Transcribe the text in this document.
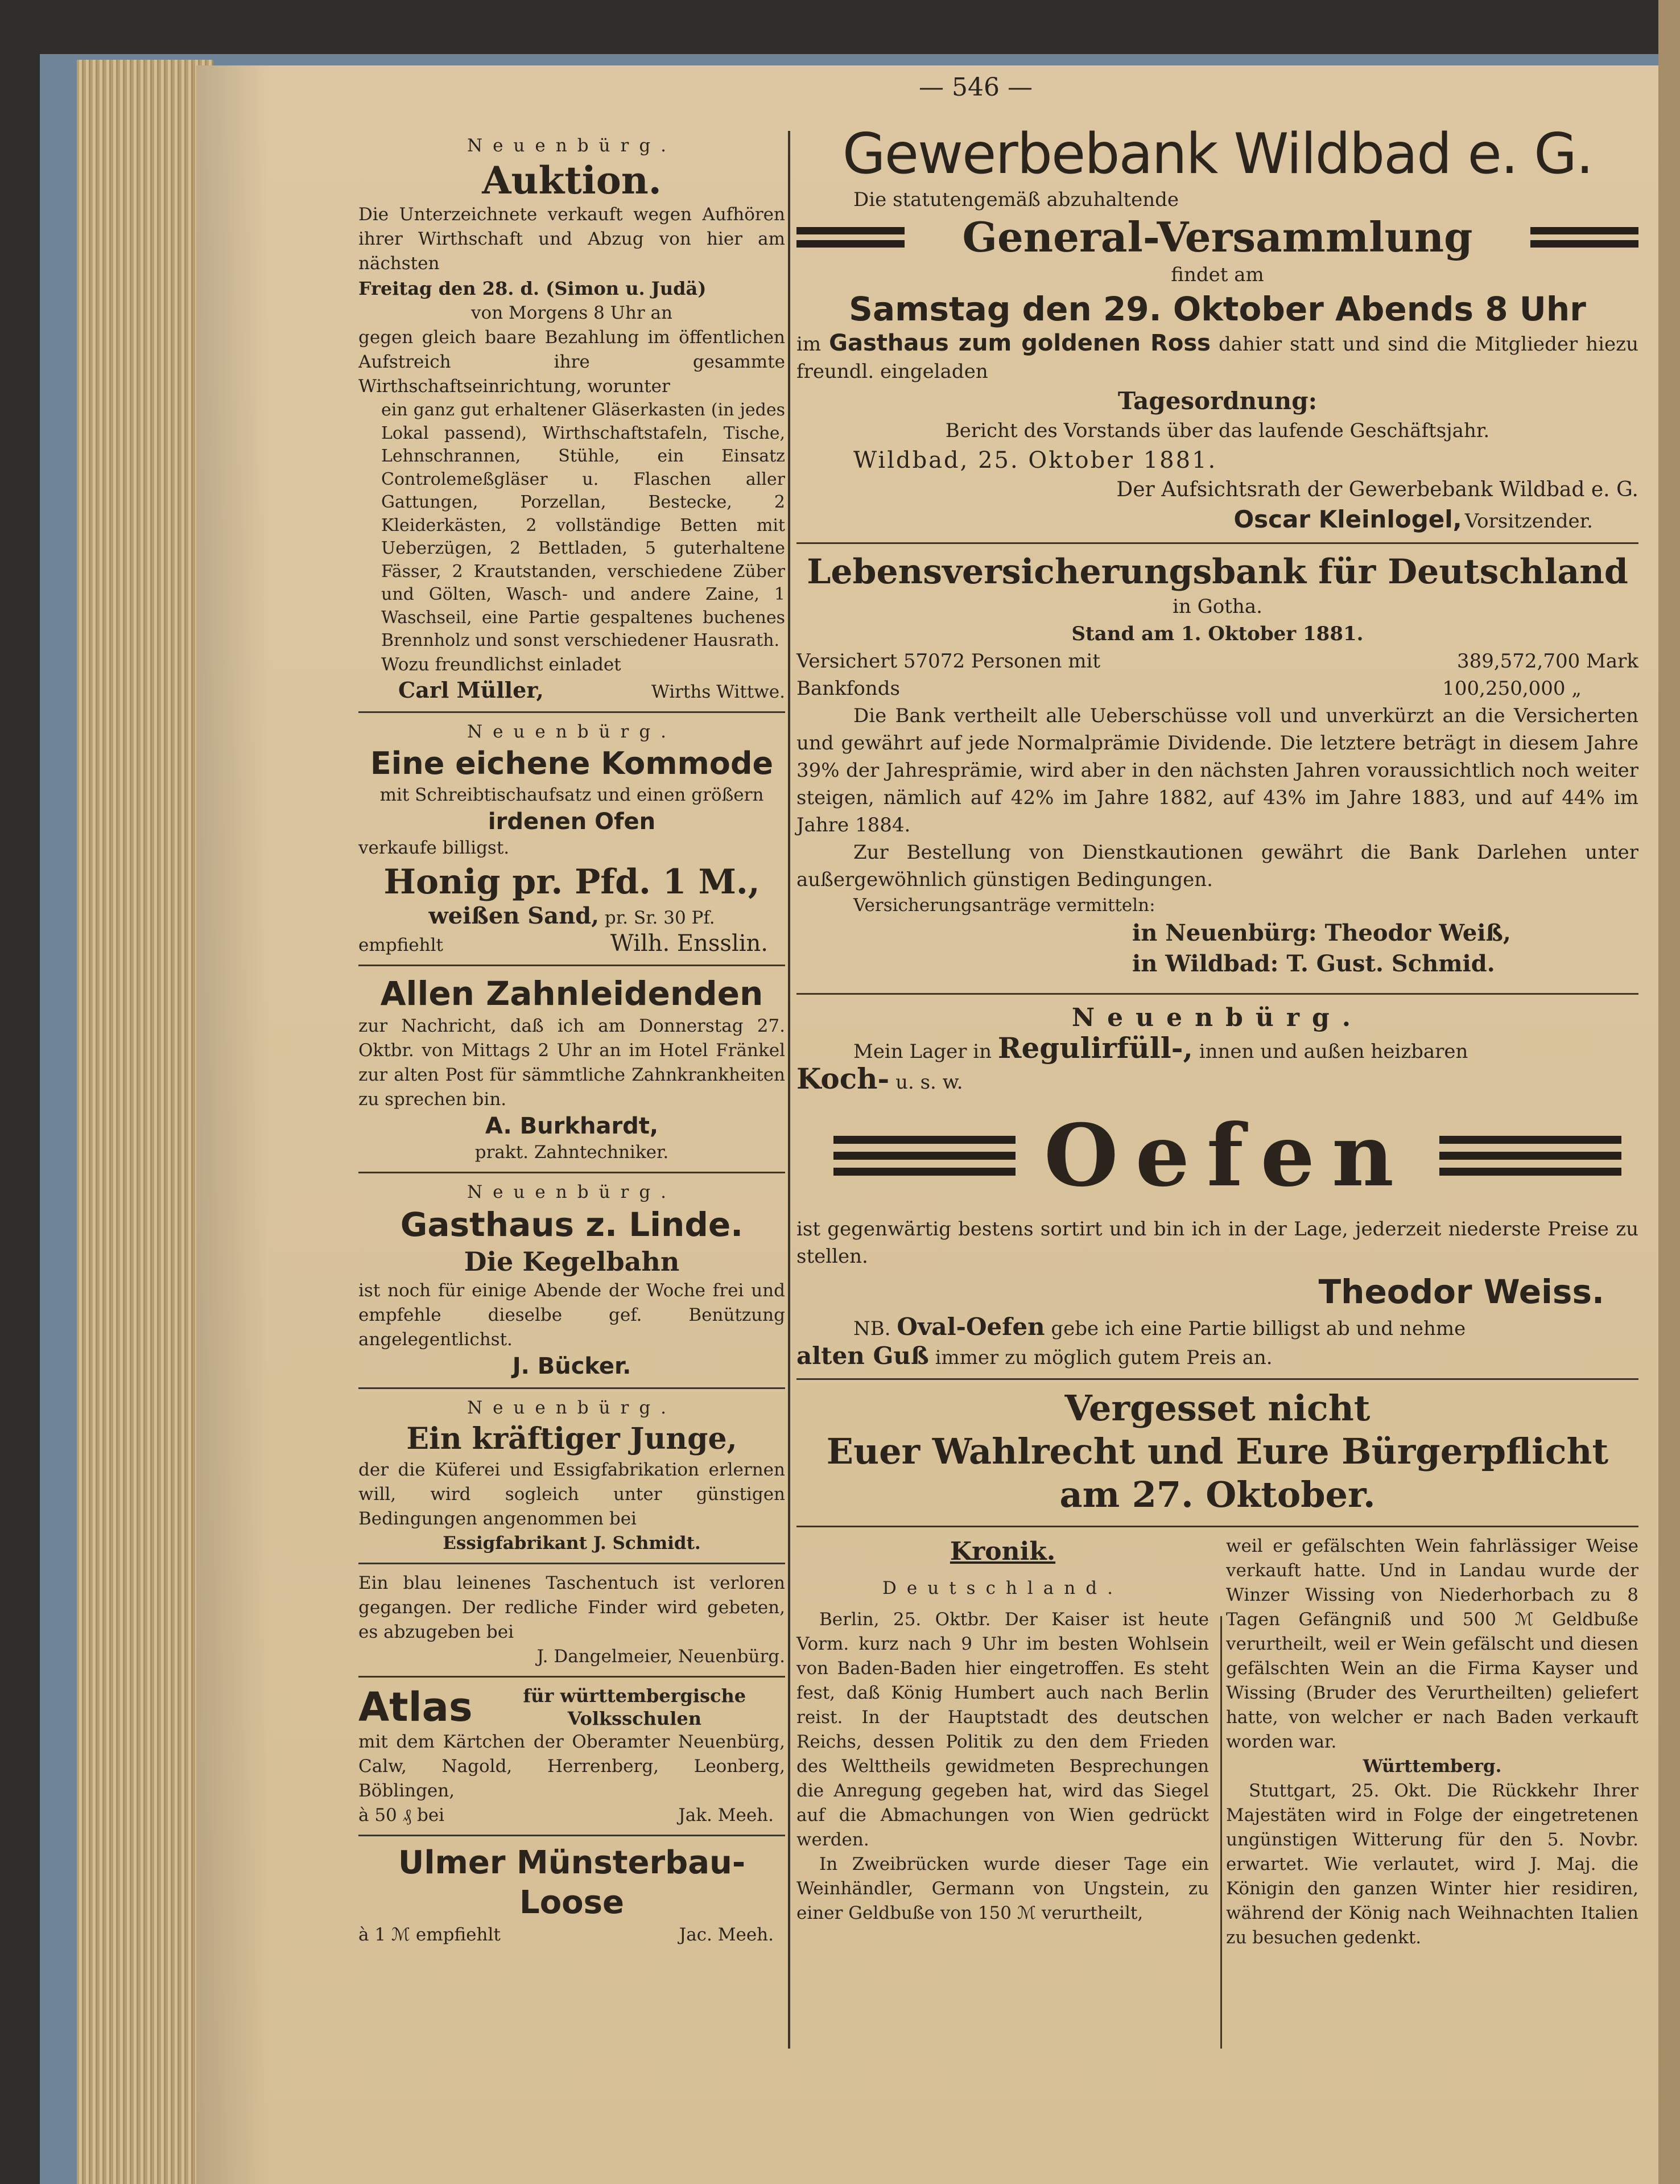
— 546 —
Neuenbürg.
Auktion.
Die Unterzeichnete verkauft wegen Aufhören ihrer Wirthschaft und Abzug von hier am nächsten
Freitag den 28. d. (Simon u. Judä)
von Morgens 8 Uhr an
gegen gleich baare Bezahlung im öffentlichen Aufstreich ihre gesammte Wirthschaftseinrichtung, worunter
ein ganz gut erhaltener Gläserkasten (in jedes Lokal passend), Wirthschaftstafeln, Tische, Lehnschrannen, Stühle, ein Einsatz Controlemeßgläser u. Flaschen aller Gattungen, Porzellan, Bestecke, 2 Kleiderkästen, 2 vollständige Betten mit Ueberzügen, 2 Bettladen, 5 guterhaltene Fässer, 2 Krautstanden, verschiedene Züber und Gölten, Wasch- und andere Zaine, 1 Waschseil, eine Partie gespaltenes buchenes Brennholz und sonst verschiedener Hausrath.
Wozu freundlichst einladet
Carl Müller,	Wirths Wittwe.
Neuenbürg.
Eine eichene Kommode
mit Schreibtischaufsatz und einen größern
irdenen Ofen
verkaufe billigst.
Honig pr. Pfd. 1 M.,
weißen Sand, pr. Sr. 30 Pf.
empfiehlt	Wilh. Ensslin.
Allen Zahnleidenden
zur Nachricht, daß ich am Donnerstag 27. Oktbr. von Mittags 2 Uhr an im Hotel Fränkel zur alten Post für sämmtliche Zahnkrankheiten zu sprechen bin.
A. Burkhardt,
prakt. Zahntechniker.
Neuenbürg.
Gasthaus z. Linde.
Die Kegelbahn
ist noch für einige Abende der Woche frei und empfehle dieselbe gef. Benützung angelegentlichst.
J. Bücker.
Neuenbürg.
Ein kräftiger Junge,
der die Küferei und Essigfabrikation erlernen will, wird sogleich unter günstigen Bedingungen angenommen bei
Essigfabrikant J. Schmidt.
Ein blau leinenes Taschentuch ist verloren gegangen. Der redliche Finder wird gebeten, es abzugeben bei
J. Dangelmeier, Neuenbürg.
Atlas	für württembergische Volksschulen
mit dem Kärtchen der Oberamter Neuenbürg, Calw, Nagold, Herrenberg, Leonberg, Böblingen,
à 50 ₰ bei	Jak. Meeh.
Ulmer Münsterbau-Loose
à 1 ℳ empfiehlt	Jac. Meeh.
Gewerbebank Wildbad e. G.
Die statutengemäß abzuhaltende
General-Versammlung
findet am
Samstag den 29. Oktober Abends 8 Uhr
im Gasthaus zum goldenen Ross dahier statt und sind die Mitglieder hiezu freundl. eingeladen
Tagesordnung:
Bericht des Vorstands über das laufende Geschäftsjahr.
Wildbad, 25. Oktober 1881.
Der Aufsichtsrath der Gewerbebank Wildbad e. G.
Oscar Kleinlogel, Vorsitzender.
Lebensversicherungsbank für Deutschland
in Gotha.
Stand am 1. Oktober 1881.
Versichert 57072 Personen mit	389,572,700 Mark
Bankfonds	100,250,000 „
Die Bank vertheilt alle Ueberschüsse voll und unverkürzt an die Versicherten und gewährt auf jede Normalprämie Dividende. Die letztere beträgt in diesem Jahre 39% der Jahresprämie, wird aber in den nächsten Jahren voraussichtlich noch weiter steigen, nämlich auf 42% im Jahre 1882, auf 43% im Jahre 1883, und auf 44% im Jahre 1884.
Zur Bestellung von Dienstkautionen gewährt die Bank Darlehen unter außergewöhnlich günstigen Bedingungen.
Versicherungsanträge vermitteln:
in Neuenbürg: Theodor Weiß,
in Wildbad: T. Gust. Schmid.
Neuenbürg.
Mein Lager in Regulirfüll-, innen und außen heizbaren
Koch- u. s. w.
Oefen
ist gegenwärtig bestens sortirt und bin ich in der Lage, jederzeit niederste Preise zu stellen.
Theodor Weiss.
NB. Oval-Oefen gebe ich eine Partie billigst ab und nehme
alten Guß immer zu möglich gutem Preis an.
Vergesset nicht
Euer Wahlrecht und Eure Bürgerpflicht
am 27. Oktober.
Kronik.
Deutschland.
Berlin, 25. Oktbr. Der Kaiser ist heute Vorm. kurz nach 9 Uhr im besten Wohlsein von Baden-Baden hier eingetroffen. Es steht fest, daß König Humbert auch nach Berlin reist. In der Hauptstadt des deutschen Reichs, dessen Politik zu den dem Frieden des Welttheils gewidmeten Besprechungen die Anregung gegeben hat, wird das Siegel auf die Abmachungen von Wien gedrückt werden.
In Zweibrücken wurde dieser Tage ein Weinhändler, Germann von Ungstein, zu einer Geldbuße von 150 ℳ verurtheilt,
weil er gefälschten Wein fahrlässiger Weise verkauft hatte. Und in Landau wurde der Winzer Wissing von Niederhorbach zu 8 Tagen Gefängniß und 500 ℳ Geldbuße verurtheilt, weil er Wein gefälscht und diesen gefälschten Wein an die Firma Kayser und Wissing (Bruder des Verurtheilten) geliefert hatte, von welcher er nach Baden verkauft worden war.
Württemberg.
Stuttgart, 25. Okt. Die Rückkehr Ihrer Majestäten wird in Folge der eingetretenen ungünstigen Witterung für den 5. Novbr. erwartet. Wie verlautet, wird J. Maj. die Königin den ganzen Winter hier residiren, während der König nach Weihnachten Italien zu besuchen gedenkt.
